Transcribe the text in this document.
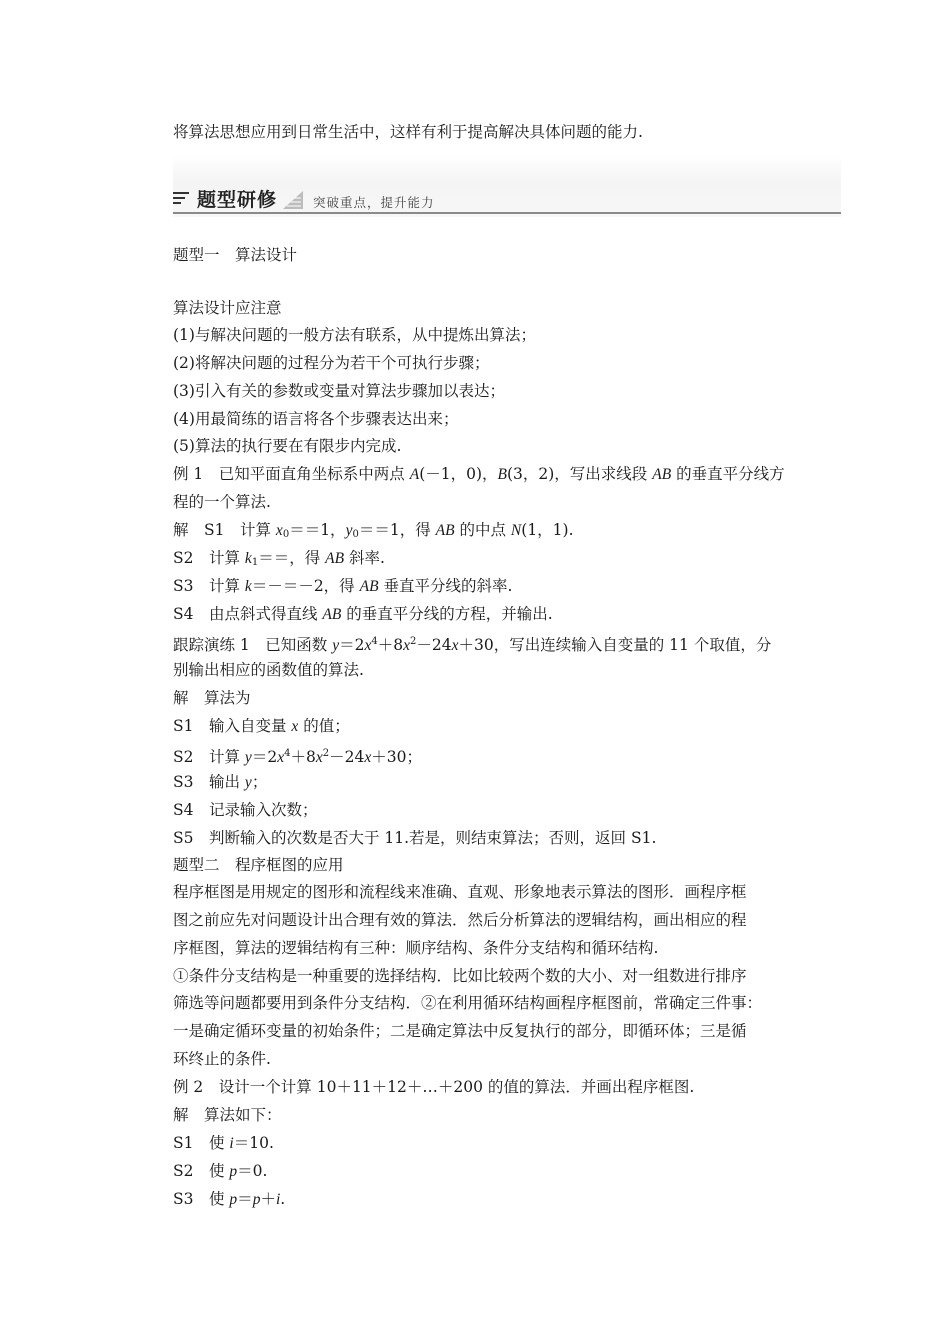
将算法思想应用到日常生活中，这样有利于提高解决具体问题的能力.
题型研修	突破重点，提升能力
题型一　算法设计
算法设计应注意
(1)与解决问题的一般方法有联系，从中提炼出算法；
(2)将解决问题的过程分为若干个可执行步骤；
(3)引入有关的参数或变量对算法步骤加以表达；
(4)用最简练的语言将各个步骤表达出来；
(5)算法的执行要在有限步内完成.
例 1　已知平面直角坐标系中两点 A(－1，0)，B(3，2)，写出求线段 AB 的垂直平分线方
程的一个算法.
解　S1　计算 $x_0==1$，$y_0==1$，得 AB 的中点 N(1，1).
S2　计算 $k_1==$，得 AB 斜率.
S3　计算 k＝－＝－2，得 AB 垂直平分线的斜率.
S4　由点斜式得直线 AB 的垂直平分线的方程，并输出.
跟踪演练 1　已知函数 $y=2x^4+8x^2-24x+30$，写出连续输入自变量的 11 个取值，分
别输出相应的函数值的算法.
解　算法为
S1　输入自变量 x 的值；
S2　计算 $y=2x^4+8x^2-24x+30$；
S3　输出 y；
S4　记录输入次数；
S5　判断输入的次数是否大于 11.若是，则结束算法；否则，返回 S1.
题型二　程序框图的应用
程序框图是用规定的图形和流程线来准确、直观、形象地表示算法的图形．画程序框
图之前应先对问题设计出合理有效的算法．然后分析算法的逻辑结构，画出相应的程
序框图，算法的逻辑结构有三种：顺序结构、条件分支结构和循环结构.
①条件分支结构是一种重要的选择结构．比如比较两个数的大小、对一组数进行排序
筛选等问题都要用到条件分支结构．②在利用循环结构画程序框图前，常确定三件事：
一是确定循环变量的初始条件；二是确定算法中反复执行的部分，即循环体；三是循
环终止的条件.
例 2　设计一个计算 10＋11＋12＋…＋200 的值的算法．并画出程序框图.
解　算法如下：
S1　使 i＝10.
S2　使 p＝0.
S3　使 p＝p＋i.
